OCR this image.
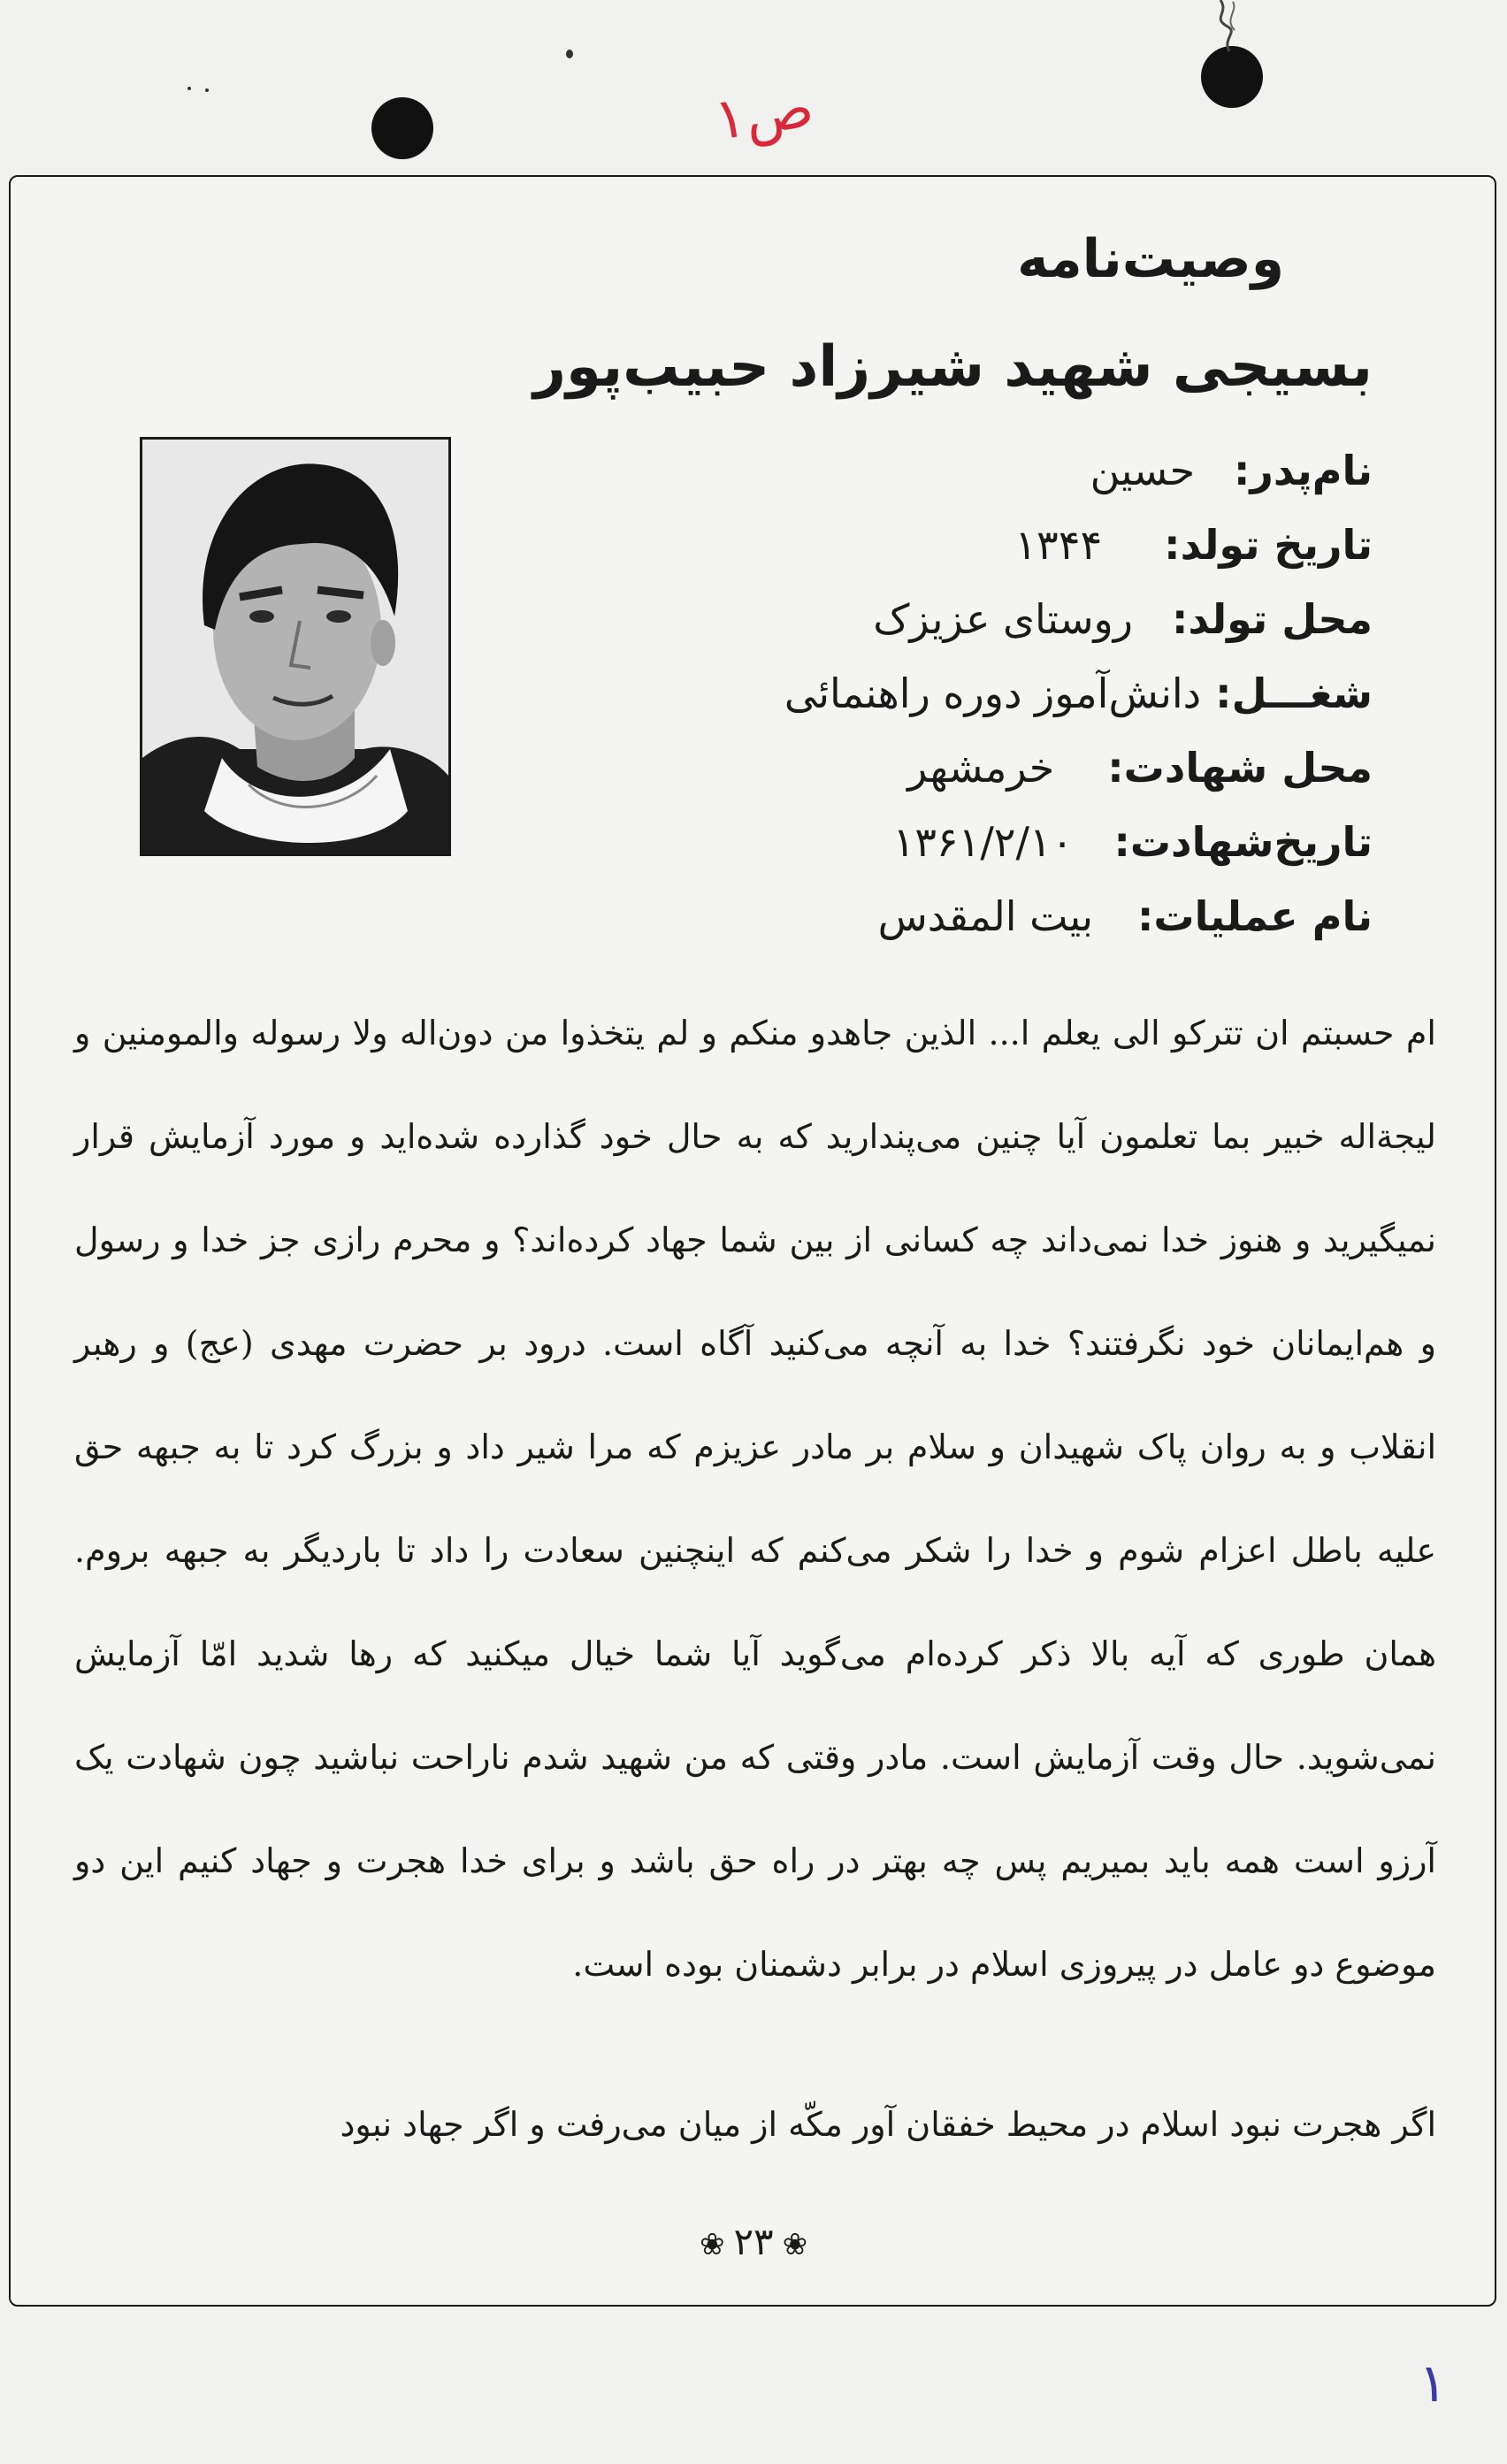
ص۱
۱
وصیت‌نامه
بسیجی شهید شیرزاد حبیب‌پور
نام‌پدر:
حسین
تاریخ تولد:
۱۳۴۴
محل تولد:
روستای عزیزک
شغـــل:
دانش‌آموز دوره راهنمائی
محل شهادت:
خرمشهر
تاریخ‌شهادت:
۱۳۶۱/۲/۱۰
نام عملیات:
بیت المقدس

ام حسبتم ان تترکو الی یعلم ا... الذین جاهدو منکم و لم یتخذوا من دون‌اله ولا رسوله والمومنین و لیجة‌اله خبیر بما تعلمون آیا چنین می‌پندارید که به حال خود گذارده شده‌اید و مورد آزمایش قرار نمیگیرید و هنوز خدا نمی‌داند چه کسانی از بین شما جهاد کرده‌اند؟ و محرم رازی جز خدا و رسول و هم‌ایمانان خود نگرفتند؟ خدا به آنچه می‌کنید آگاه است. درود بر حضرت مهدی (عج) و رهبر انقلاب و به روان پاک شهیدان و سلام بر مادر عزیزم که مرا شیر داد و بزرگ کرد تا به جبهه حق علیه باطل اعزام شوم و خدا را شکر می‌کنم که اینچنین سعادت را داد تا باردیگر به جبهه بروم. همان طوری که آیه بالا ذکر کرده‌ام می‌گوید آیا شما خیال میکنید که رها شدید امّا آزمایش نمی‌شوید. حال وقت آزمایش است. مادر وقتی که من شهید شدم ناراحت نباشید چون شهادت یک آرزو است همه باید بمیریم پس چه بهتر در راه حق باشد و برای خدا هجرت و جهاد کنیم این دو موضوع دو عامل در پیروزی اسلام در برابر دشمنان بوده است.

اگر هجرت نبود اسلام در محیط خفقان آور مکّه از میان می‌رفت و اگر جهاد نبود

❀ ۲۳ ❀
